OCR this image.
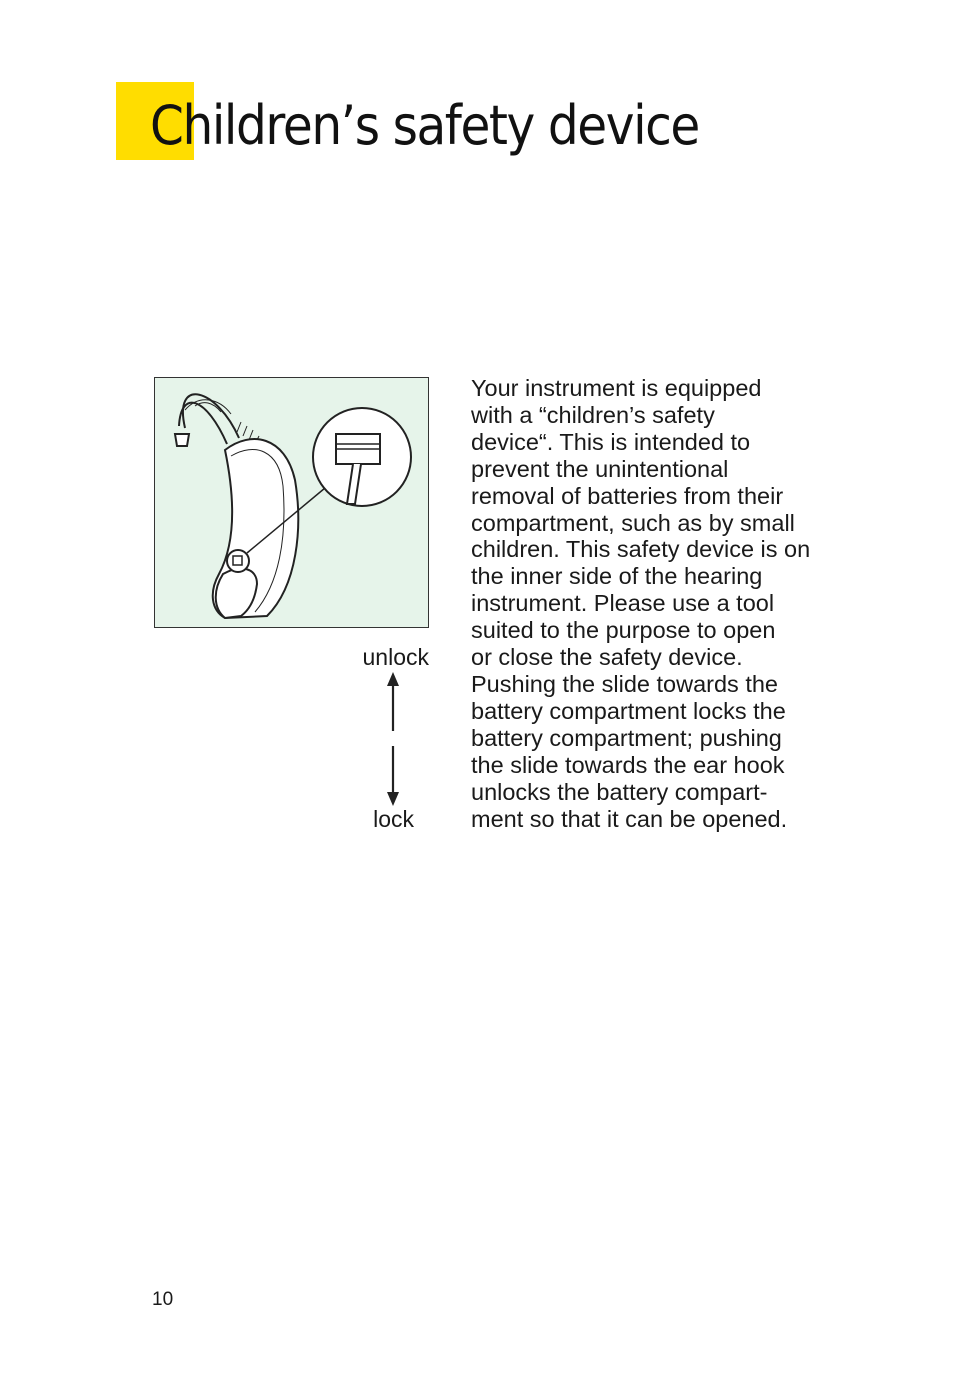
Children’s safety device
unlock
lock
Your instrument is equipped
with a “children’s safety
device“. This is intended to
prevent the unintentional
removal of batteries from their
compartment, such as by small
children. This safety device is on
the inner side of the hearing
instrument. Please use a tool
suited to the purpose to open
or close the safety device.
Pushing the slide towards the
battery compartment locks the
battery compartment; pushing
the slide towards the ear hook
unlocks the battery compart-
ment so that it can be opened.
10
